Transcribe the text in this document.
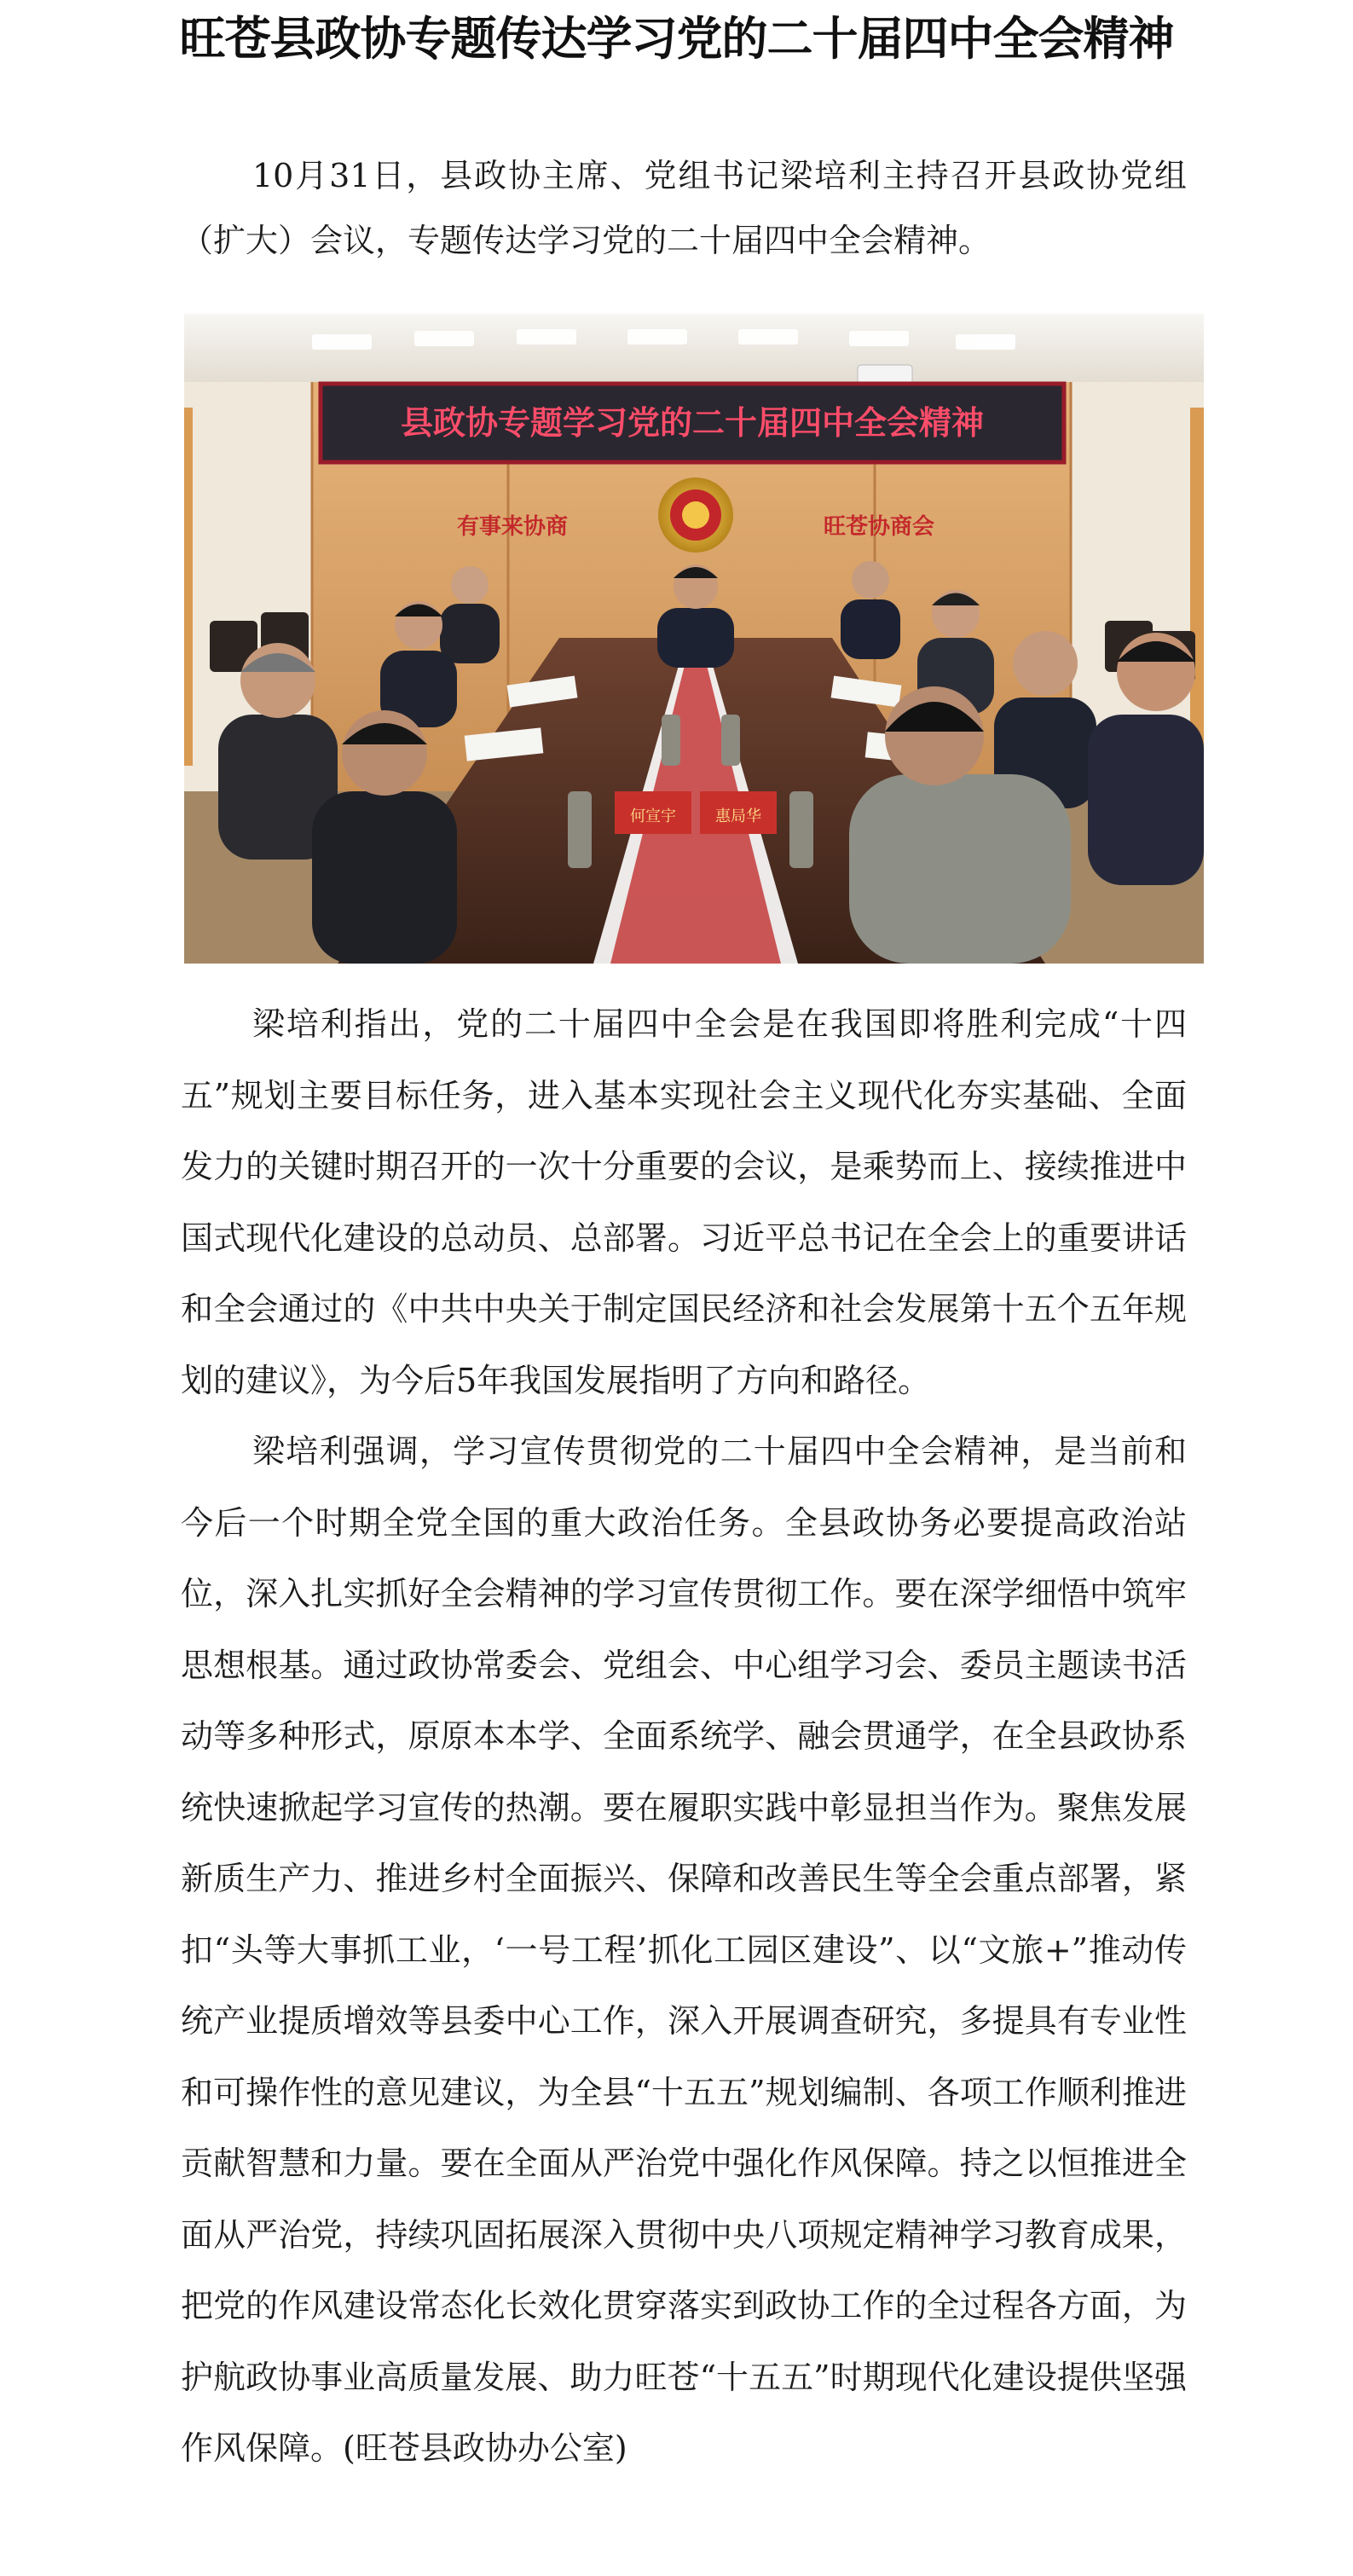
旺苍县政协专题传达学习党的二十届四中全会精神

10月31日，县政协主席、党组书记梁培利主持召开县政协党组（扩大）会议，专题传达学习党的二十届四中全会精神。

县政协专题学习党的二十届四中全会精神
有事来协商	旺苍协商会
何宣宇	惠局华

梁培利指出，党的二十届四中全会是在我国即将胜利完成“十四五”规划主要目标任务，进入基本实现社会主义现代化夯实基础、全面发力的关键时期召开的一次十分重要的会议，是乘势而上、接续推进中国式现代化建设的总动员、总部署。习近平总书记在全会上的重要讲话和全会通过的《中共中央关于制定国民经济和社会发展第十五个五年规划的建议》，为今后5年我国发展指明了方向和路径。

梁培利强调，学习宣传贯彻党的二十届四中全会精神，是当前和今后一个时期全党全国的重大政治任务。全县政协务必要提高政治站位，深入扎实抓好全会精神的学习宣传贯彻工作。要在深学细悟中筑牢思想根基。通过政协常委会、党组会、中心组学习会、委员主题读书活动等多种形式，原原本本学、全面系统学、融会贯通学，在全县政协系统快速掀起学习宣传的热潮。要在履职实践中彰显担当作为。聚焦发展新质生产力、推进乡村全面振兴、保障和改善民生等全会重点部署，紧扣“头等大事抓工业，‘一号工程’抓化工园区建设”、以“文旅+”推动传统产业提质增效等县委中心工作，深入开展调查研究，多提具有专业性和可操作性的意见建议，为全县“十五五”规划编制、各项工作顺利推进贡献智慧和力量。要在全面从严治党中强化作风保障。持之以恒推进全面从严治党，持续巩固拓展深入贯彻中央八项规定精神学习教育成果，把党的作风建设常态化长效化贯穿落实到政协工作的全过程各方面，为护航政协事业高质量发展、助力旺苍“十五五”时期现代化建设提供坚强作风保障。(旺苍县政协办公室)
